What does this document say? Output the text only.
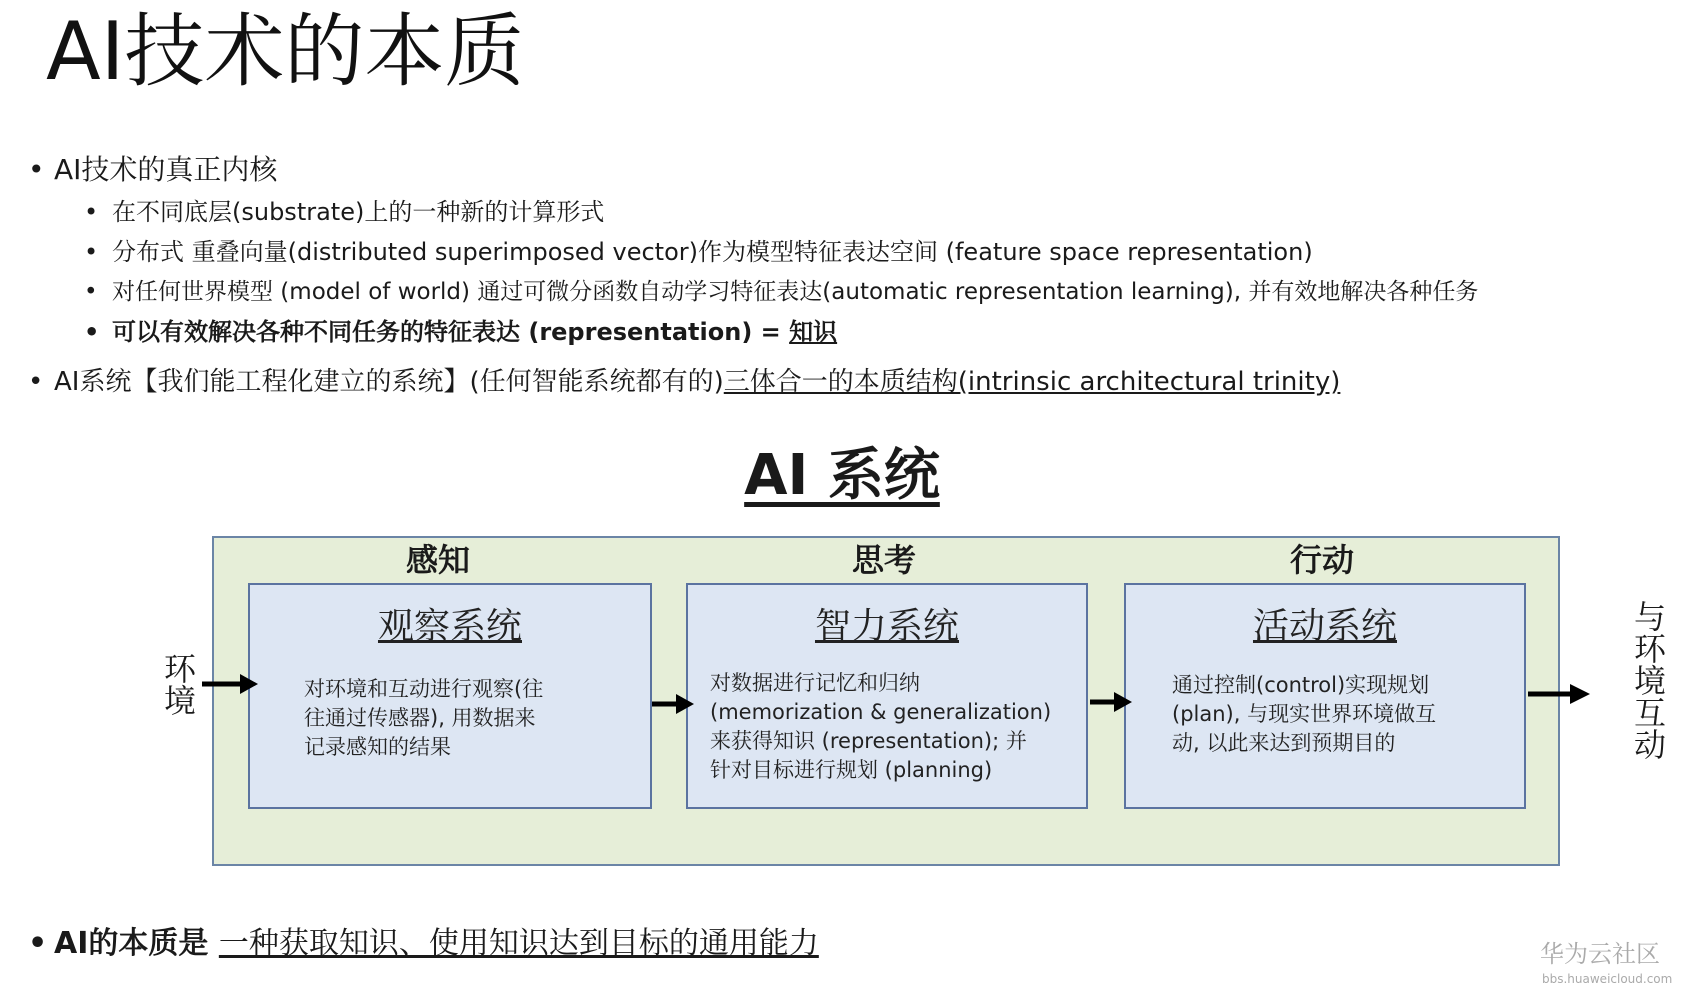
AI技术的本质
• AI技术的真正内核
• 在不同底层(substrate)上的一种新的计算形式
• 分布式 重叠向量(distributed superimposed vector)作为模型特征表达空间 (feature space representation)
• 对任何世界模型 (model of world) 通过可微分函数自动学习特征表达(automatic representation learning), 并有效地解决各种任务
• 可以有效解决各种不同任务的特征表达 (representation) = 知识
• AI系统【我们能工程化建立的系统】(任何智能系统都有的)三体合一的本质结构(intrinsic architectural trinity)
AI 系统
感知	思考	行动
观察系统
对环境和互动进行观察(往
往通过传感器), 用数据来
记录感知的结果
智力系统
对数据进行记忆和归纳
(memorization & generalization)
来获得知识 (representation); 并
针对目标进行规划 (planning)
活动系统
通过控制(control)实现规划
(plan), 与现实世界环境做互
动, 以此来达到预期目的
环境	与环境互动
• AI的本质是 一种获取知识、使用知识达到目标的通用能力	华为云社区
bbs.huaweicloud.com
